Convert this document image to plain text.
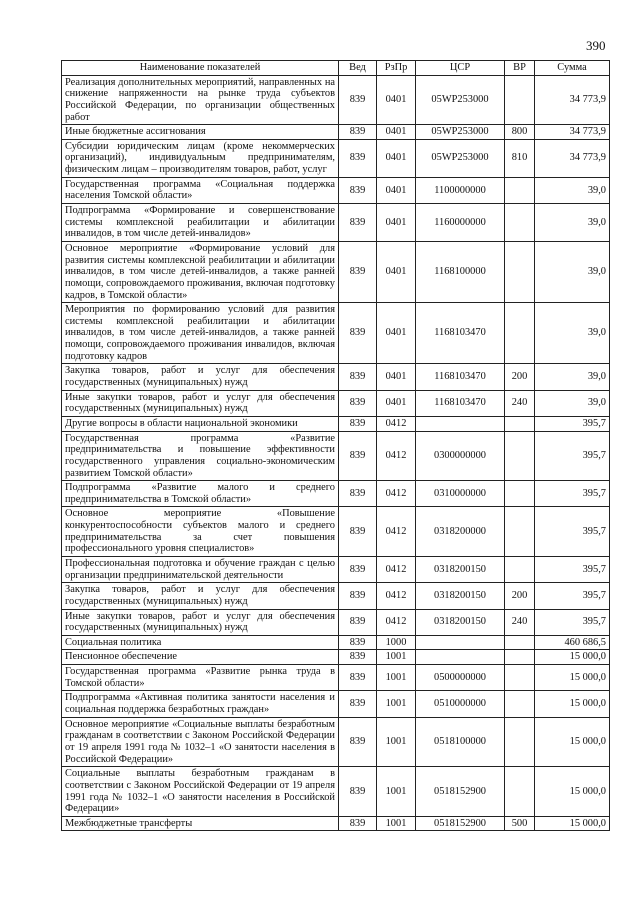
390
Наименование показателей	Вед	РзПр	ЦСР	ВР	Сумма
Реализация дополнительных мероприятий, направленных на снижение напряженности на рынке труда субъектов Российской Федерации, по организации общественных работ	839	0401	05WP253000		34 773,9
Иные бюджетные ассигнования	839	0401	05WP253000	800	34 773,9
Субсидии юридическим лицам (кроме некоммерческих организаций), индивидуальным предпринимателям, физическим лицам – производителям товаров, работ, услуг	839	0401	05WP253000	810	34 773,9
Государственная программа «Социальная поддержка населения Томской области»	839	0401	1100000000		39,0
Подпрограмма «Формирование и совершенствование системы комплексной реабилитации и абилитации инвалидов, в том числе детей-инвалидов»	839	0401	1160000000		39,0
Основное мероприятие «Формирование условий для развития системы комплексной реабилитации и абилитации инвалидов, в том числе детей-инвалидов, а также ранней помощи, сопровождаемого проживания, включая подготовку кадров, в Томской области»	839	0401	1168100000		39,0
Мероприятия по формированию условий для развития системы комплексной реабилитации и абилитации инвалидов, в том числе детей-инвалидов, а также ранней помощи, сопровождаемого проживания инвалидов, включая подготовку кадров	839	0401	1168103470		39,0
Закупка товаров, работ и услуг для обеспечения государственных (муниципальных) нужд	839	0401	1168103470	200	39,0
Иные закупки товаров, работ и услуг для обеспечения государственных (муниципальных) нужд	839	0401	1168103470	240	39,0
Другие вопросы в области национальной экономики	839	0412			395,7
Государственная программа «Развитие предпринимательства и повышение эффективности государственного управления социально-экономическим развитием Томской области»	839	0412	0300000000		395,7
Подпрограмма «Развитие малого и среднего предпринимательства в Томской области»	839	0412	0310000000		395,7
Основное мероприятие «Повышение конкурентоспособности субъектов малого и среднего предпринимательства за счет повышения профессионального уровня специалистов»	839	0412	0318200000		395,7
Профессиональная подготовка и обучение граждан с целью организации предпринимательской деятельности	839	0412	0318200150		395,7
Закупка товаров, работ и услуг для обеспечения государственных (муниципальных) нужд	839	0412	0318200150	200	395,7
Иные закупки товаров, работ и услуг для обеспечения государственных (муниципальных) нужд	839	0412	0318200150	240	395,7
Социальная политика	839	1000			460 686,5
Пенсионное обеспечение	839	1001			15 000,0
Государственная программа «Развитие рынка труда в Томской области»	839	1001	0500000000		15 000,0
Подпрограмма «Активная политика занятости населения и социальная поддержка безработных граждан»	839	1001	0510000000		15 000,0
Основное мероприятие «Социальные выплаты безработным гражданам в соответствии с Законом Российской Федерации от 19 апреля 1991 года № 1032–1 «О занятости населения в Российской Федерации»	839	1001	0518100000		15 000,0
Социальные выплаты безработным гражданам в соответствии с Законом Российской Федерации от 19 апреля 1991 года № 1032–1 «О занятости населения в Российской Федерации»	839	1001	0518152900		15 000,0
Межбюджетные трансферты	839	1001	0518152900	500	15 000,0
